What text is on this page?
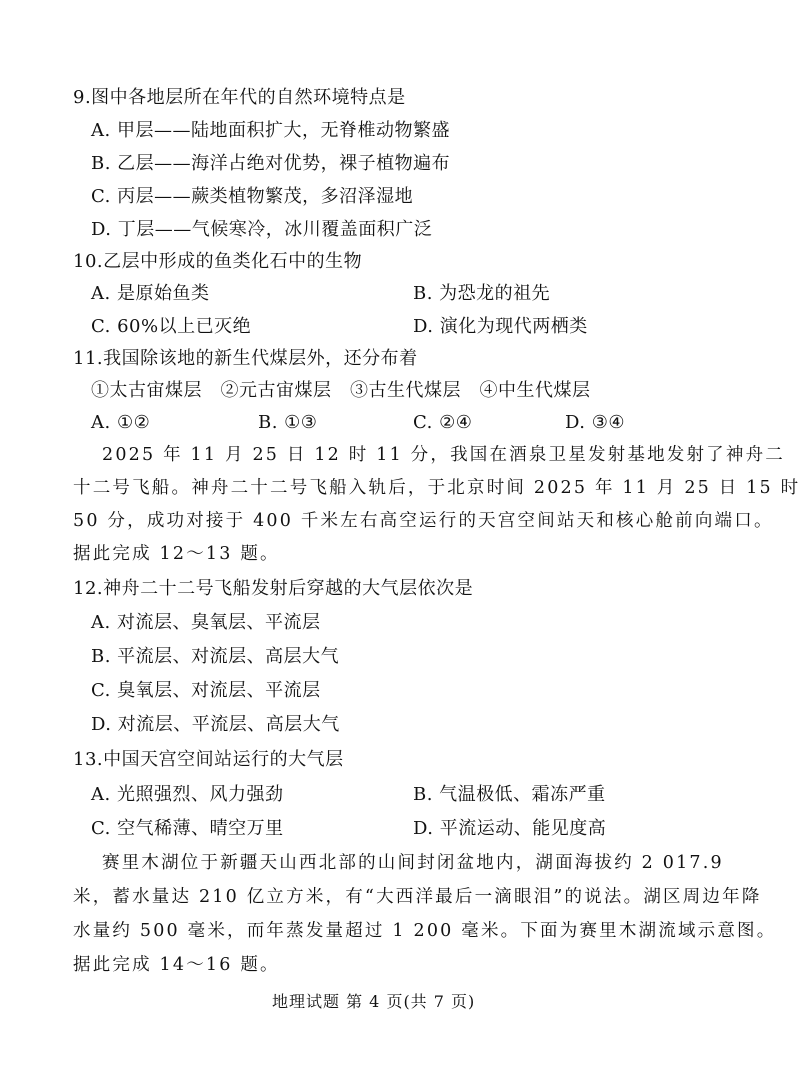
9.图中各地层所在年代的自然环境特点是
A. 甲层——陆地面积扩大，无脊椎动物繁盛
B. 乙层——海洋占绝对优势，裸子植物遍布
C. 丙层——蕨类植物繁茂，多沼泽湿地
D. 丁层——气候寒冷，冰川覆盖面积广泛
10.乙层中形成的鱼类化石中的生物
A. 是原始鱼类	B. 为恐龙的祖先
C. 60%以上已灭绝	D. 演化为现代两栖类
11.我国除该地的新生代煤层外，还分布着
①太古宙煤层　②元古宙煤层　③古生代煤层　④中生代煤层
A. ①②	B. ①③	C. ②④	D. ③④
2025 年 11 月 25 日 12 时 11 分，我国在酒泉卫星发射基地发射了神舟二
十二号飞船。神舟二十二号飞船入轨后，于北京时间 2025 年 11 月 25 日 15 时
50 分，成功对接于 400 千米左右高空运行的天宫空间站天和核心舱前向端口。
据此完成 12～13 题。
12.神舟二十二号飞船发射后穿越的大气层依次是
A. 对流层、臭氧层、平流层
B. 平流层、对流层、高层大气
C. 臭氧层、对流层、平流层
D. 对流层、平流层、高层大气
13.中国天宫空间站运行的大气层
A. 光照强烈、风力强劲	B. 气温极低、霜冻严重
C. 空气稀薄、晴空万里	D. 平流运动、能见度高
赛里木湖位于新疆天山西北部的山间封闭盆地内，湖面海拔约 2 017.9
米，蓄水量达 210 亿立方米，有“大西洋最后一滴眼泪”的说法。湖区周边年降
水量约 500 毫米，而年蒸发量超过 1 200 毫米。下面为赛里木湖流域示意图。
据此完成 14～16 题。
地理试题 第 4 页(共 7 页)
